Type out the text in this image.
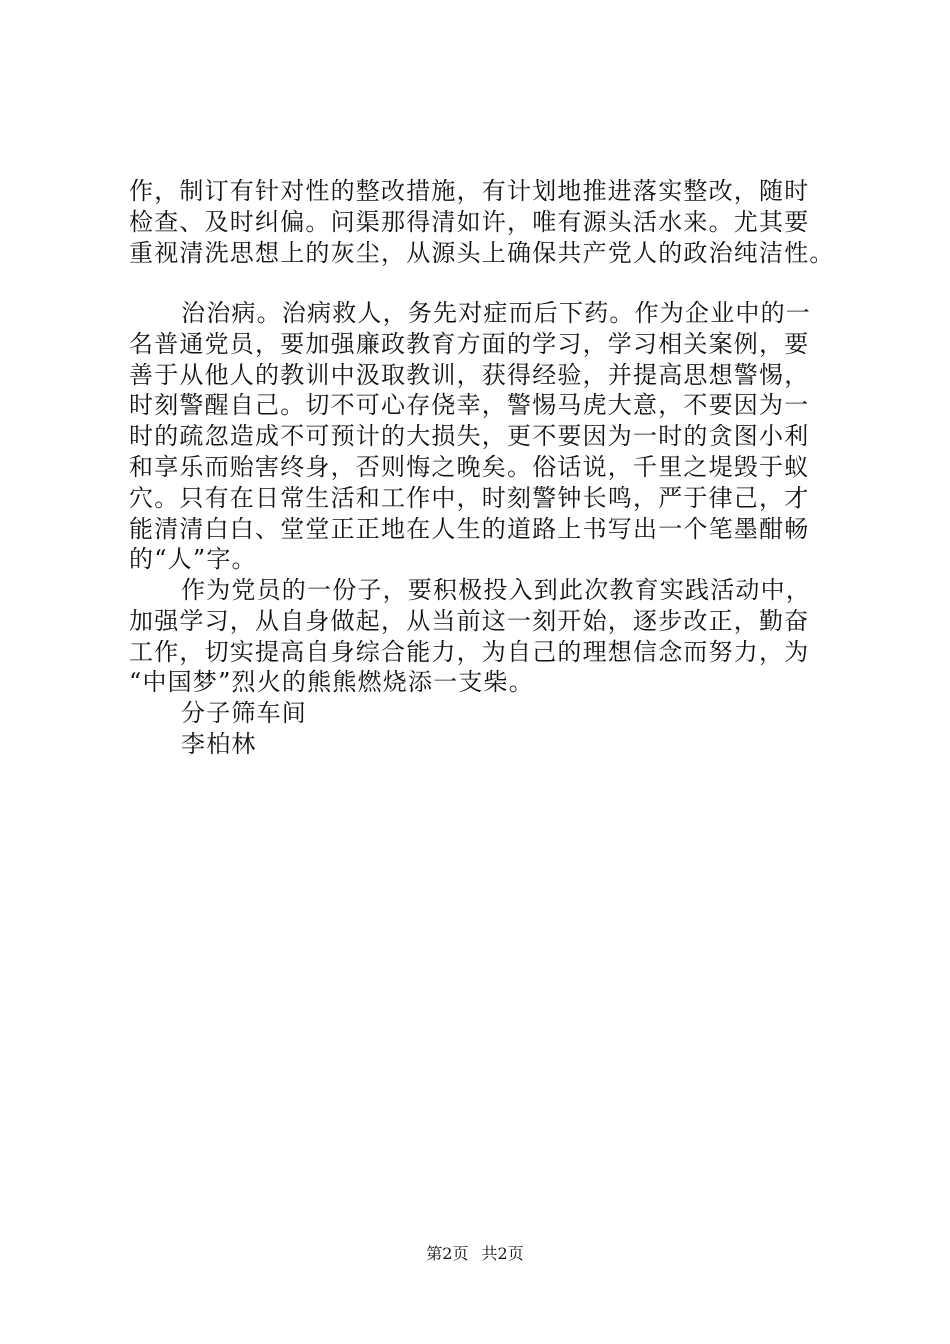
作，制订有针对性的整改措施，有计划地推进落实整改，随时
检查、及时纠偏。问渠那得清如许，唯有源头活水来。尤其要
重视清洗思想上的灰尘，从源头上确保共产党人的政治纯洁性。
治治病。治病救人，务先对症而后下药。作为企业中的一
名普通党员，要加强廉政教育方面的学习，学习相关案例，要
善于从他人的教训中汲取教训，获得经验，并提高思想警惕，
时刻警醒自己。切不可心存侥幸，警惕马虎大意，不要因为一
时的疏忽造成不可预计的大损失，更不要因为一时的贪图小利
和享乐而贻害终身，否则悔之晚矣。俗话说，千里之堤毁于蚁
穴。只有在日常生活和工作中，时刻警钟长鸣，严于律己，才
能清清白白、堂堂正正地在人生的道路上书写出一个笔墨酣畅
的“人”字。
作为党员的一份子，要积极投入到此次教育实践活动中，
加强学习，从自身做起，从当前这一刻开始，逐步改正，勤奋
工作，切实提高自身综合能力，为自己的理想信念而努力，为
“中国梦”烈火的熊熊燃烧添一支柴。
分子筛车间
李柏林
第2页 共2页
